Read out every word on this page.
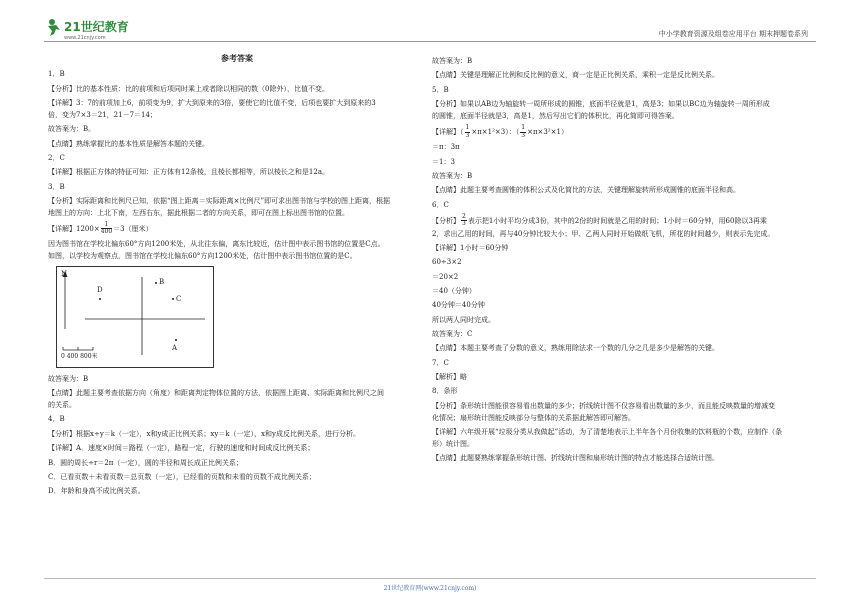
21世纪教育
www.21cnjy.com	中小学教育资源及组卷应用平台 期末押题卷系列

参考答案

1．B

【分析】比的基本性质：比的前项和后项同时乘上或者除以相同的数（0除外），比值不变。

【详解】3：7的前项加上6，前项变为9，扩大到原来的3倍，要使它的比值不变，后项也要扩大到原来的3

倍，变为7×3＝21，21－7＝14；

故答案为：B。

【点睛】熟练掌握比的基本性质是解答本题的关键。

2．C

【详解】根据正方体的特征可知：正方体有12条棱，且棱长都相等，所以棱长之和是12a。

3．B

【分析】实际距离和比例尺已知，依据“图上距离＝实际距离×比例尺”即可求出图书馆与学校的图上距离，根据

地图上的方向：上北下南，左西右东，据此根据二者的方向关系，即可在图上标出图书馆的位置。

【详解】$1200\times \frac{1}{400} =3$（厘米）

因为图书馆在学校北偏东60°方向1200米处，从北往东偏，离东比较近，估计图中表示图书馆的位置是C点。

如图，以学校为观察点，图书馆在学校北偏东60°方向1200米处，估计图中表示图书馆位置的是C。

N
D
B
C
A
0 400 800米

故答案为：B

【点睛】此题主要考查依据方向（角度）和距离判定物体位置的方法，依据图上距离、实际距离和比例尺之间

的关系。

4．B

【分析】根据x÷y＝k（一定），x和y成正比例关系；xy＝k（一定），x和y成反比例关系，进行分析。

【详解】A．速度×时间＝路程（一定），路程一定，行驶的速度和时间成反比例关系；

B．圆的周长÷r＝2π（一定），圆的半径和周长成正比例关系；

C．已看页数＋未看页数＝总页数（一定），已经看的页数和未看的页数不成比例关系；

D．年龄和身高不成比例关系。

故答案为：B

【点睛】关键是理解正比例和反比例的意义，商一定是正比例关系，乘积一定是反比例关系。

5．B

【分析】如果以AB边为轴旋转一周所形成的圆锥，底面半径就是1，高是3；如果以BC边为轴旋转一周所形成

的圆锥，底面半径就是3，高是1，然后写出它们的体积比，再化简即可得答案。

【详解】（ $\frac{1}{3} \times\pi\times 1^2\times 3$）：（ $\frac{1}{3} \times\pi\times 3^2\times 1$）

＝π：3π

＝1：3

故答案为：B

【点睛】此题主要考查圆锥的体积公式及化简比的方法，关键理解旋转所形成圆锥的底面半径和高。

6．C

【分析】 $\frac{2}{3}$ 表示把1小时平均分成3份，其中的2份的时间就是乙用的时间；1小时＝60分钟，用60除以3再乘

2，求出乙用的时间，再与40分钟比较大小；甲、乙两人同时开始做纸飞机，所花的时间越少，则表示先完成。

【详解】1小时＝60分钟

60÷3×2

＝20×2

＝40（分钟）

40分钟＝40分钟

所以两人同时完成。

故答案为：C

【点睛】本题主要考查了分数的意义，熟练用除法求一个数的几分之几是多少是解答的关键。

7．C

【解析】略

8．条形

【分析】条形统计图能很容易看出数量的多少；折线统计图不仅容易看出数量的多少，而且能反映数量的增减变

化情况；扇形统计图能反映部分与整体的关系据此解答即可解答。

【详解】六年级开展“垃圾分类从我做起”活动，为了清楚地表示上半年各个月份收集的饮料瓶的个数，应制作（条

形）统计图。

【点睛】此题要熟练掌握条形统计图、折线统计图和扇形统计图的特点才能选择合适统计图。

21世纪教育网(www.21cnjy.com)
